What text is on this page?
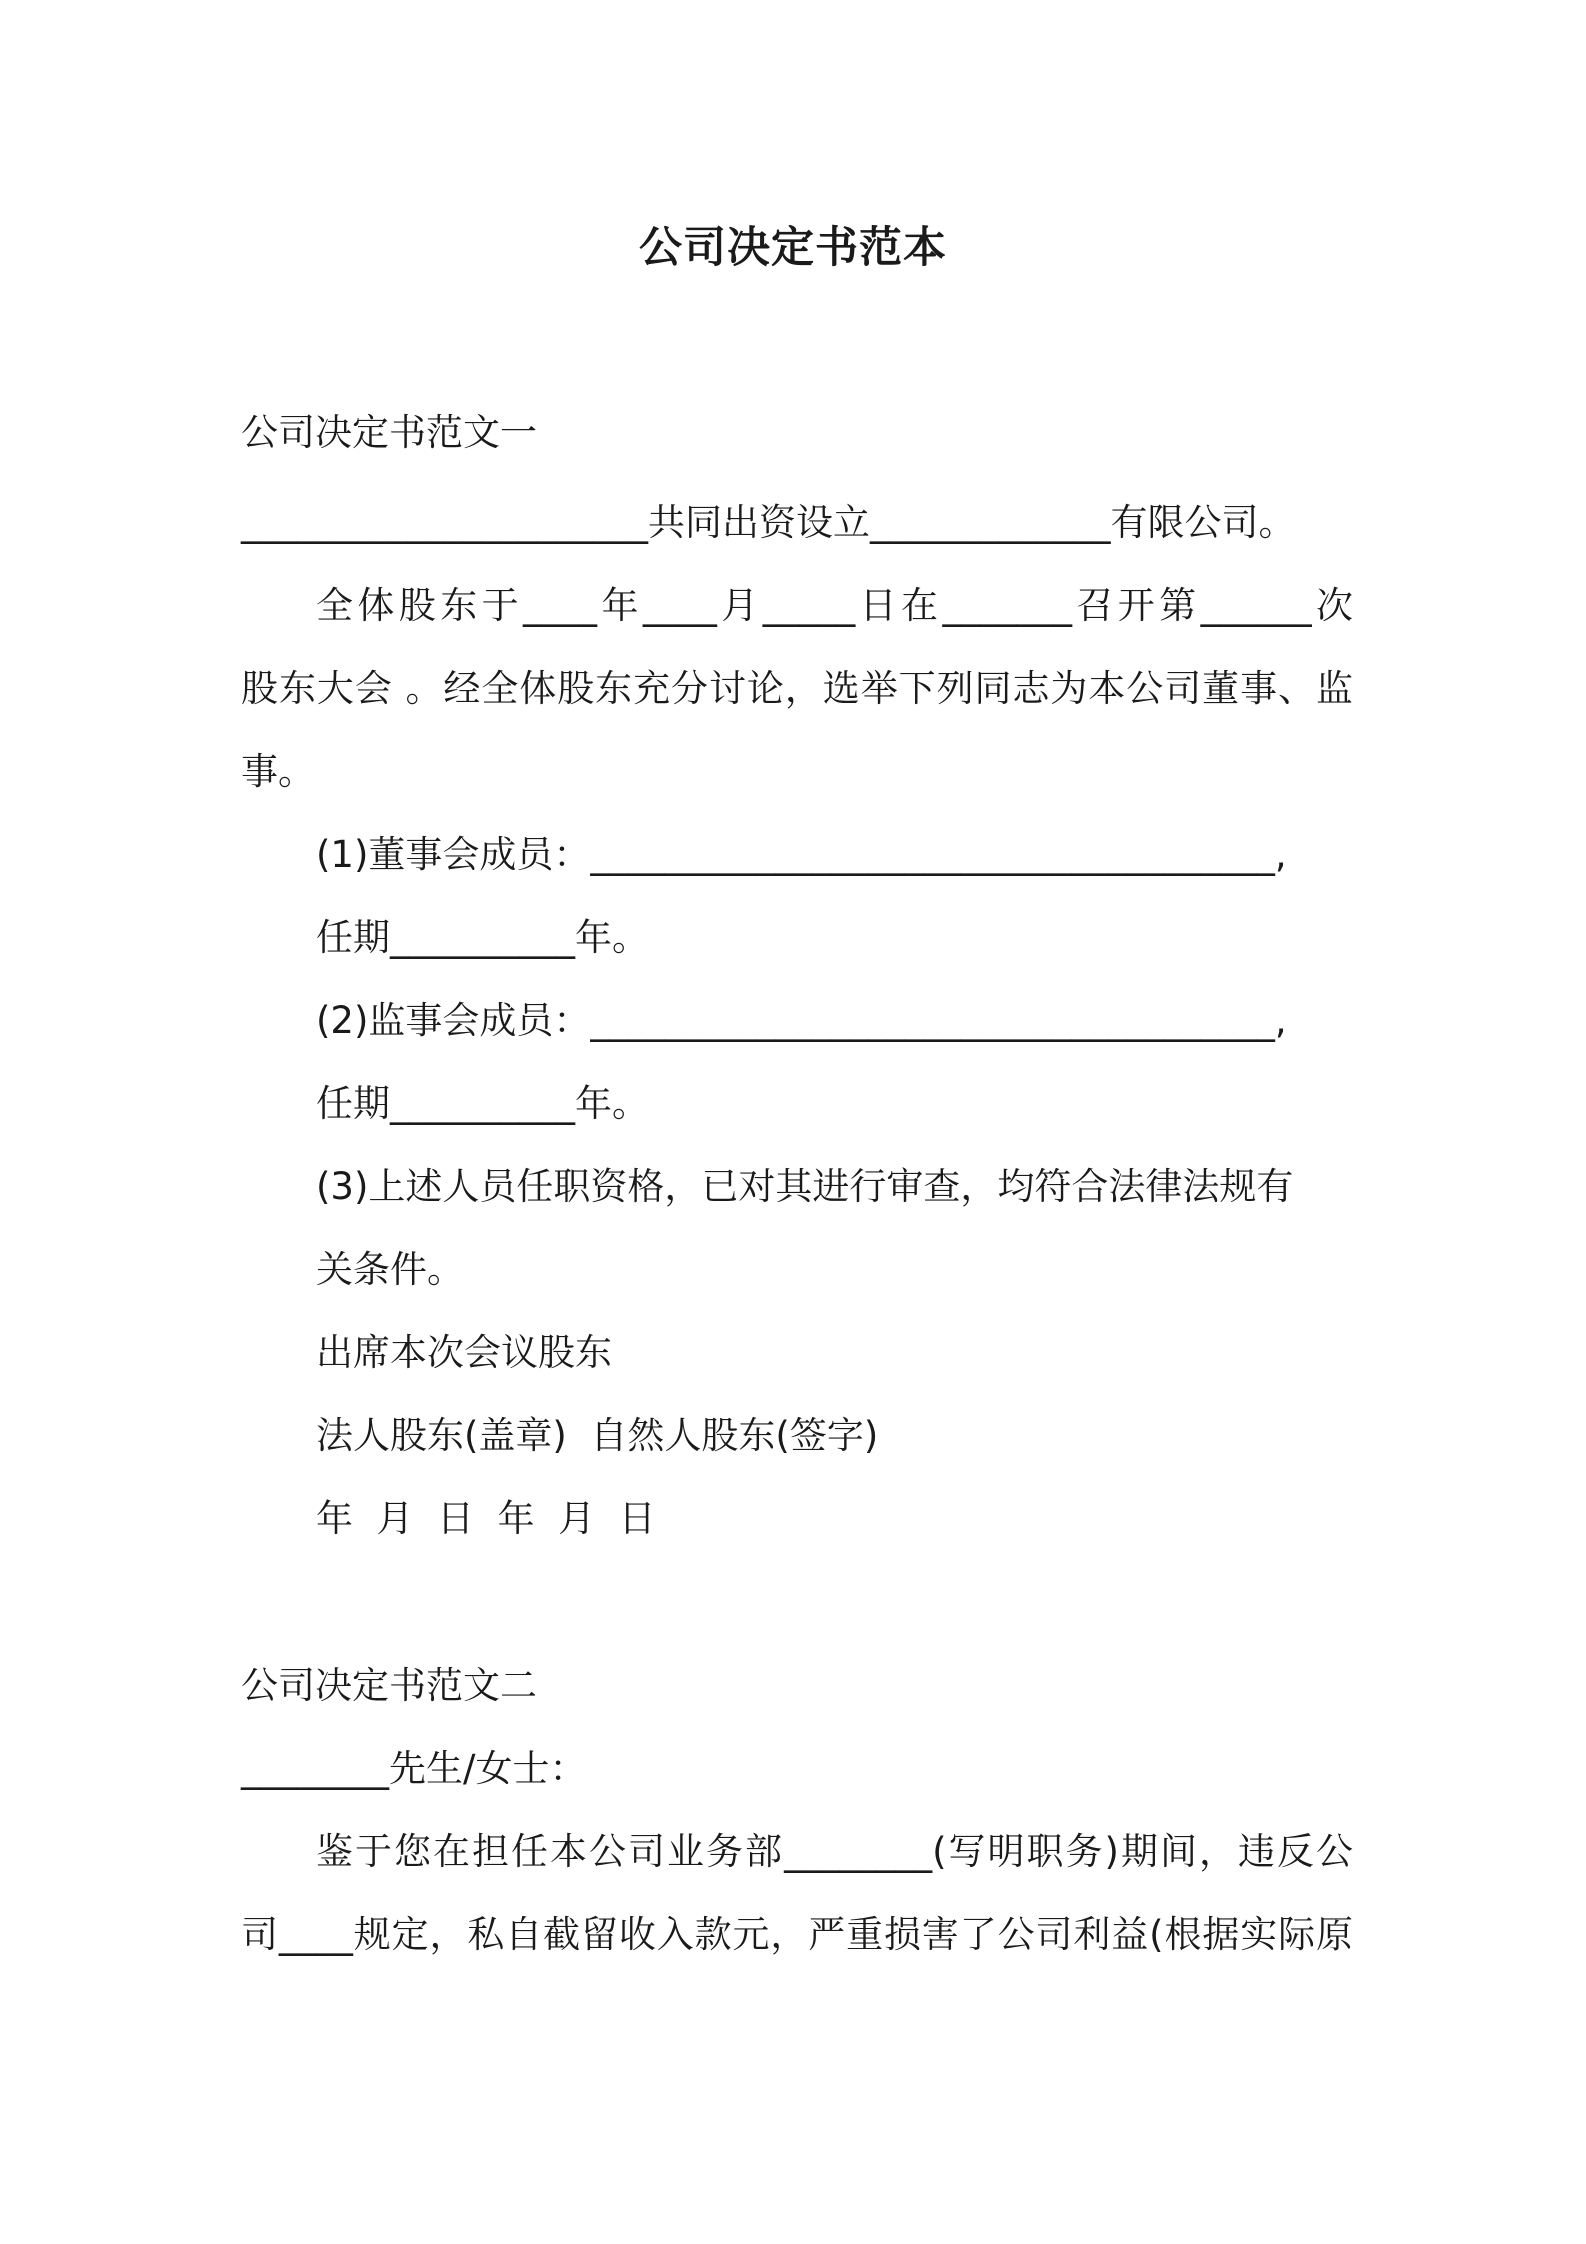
公司决定书范本
公司决定书范文一
______________________共同出资设立_____________有限公司。
全体股东于____年____月_____日在_______召开第______次
股东大会 。经全体股东充分讨论，选举下列同志为本公司董事、监
事。
(1)董事会成员：_____________________________________,
任期__________年。
(2)监事会成员：_____________________________________,
任期__________年。
(3)上述人员任职资格，已对其进行审查，均符合法律法规有
关条件。
出席本次会议股东
法人股东(盖章)  自然人股东(签字)
年  月  日  年  月  日
公司决定书范文二
________先生/女士：
鉴于您在担任本公司业务部________(写明职务)期间，违反公
司____规定，私自截留收入款元，严重损害了公司利益(根据实际原
